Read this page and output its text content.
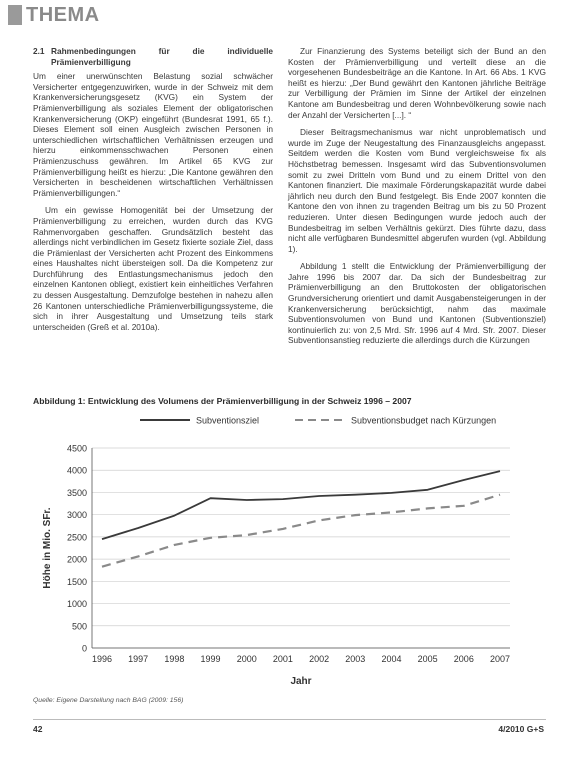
THEMA
2.1 Rahmenbedingungen für die individuelle Prämienverbilligung

Um einer unerwünschten Belastung sozial schwächer Versicherter entgegenzuwirken, wurde in der Schweiz mit dem Krankenversicherungsgesetz (KVG) ein System der Prämienverbilligung als soziales Element der obligatorischen Krankenversicherung (OKP) eingeführt (Bundesrat 1991, 65 f.). Dieses Element soll einen Ausgleich zwischen Personen in unterschiedlichen wirtschaftlichen Verhältnissen erzeugen und hierzu einkommensschwachen Personen einen Prämienzuschuss gewähren. Im Artikel 65 KVG zur Prämienverbilligung heißt es hierzu: „Die Kantone gewähren den Versicherten in bescheidenen wirtschaftlichen Verhältnissen Prämienverbilligungen.“

Um ein gewisse Homogenität bei der Umsetzung der Prämienverbilligung zu erreichen, wurden durch das KVG Rahmenvorgaben geschaffen. Grundsätzlich besteht das allerdings nicht verbindlichen im Gesetz fixierte soziale Ziel, dass die Prämienlast der Versicherten acht Prozent des Einkommens eines Haushaltes nicht übersteigen soll. Da die Kompetenz zur Durchführung des Entlastungsmechanismus jedoch den einzelnen Kantonen obliegt, existiert kein einheitliches Verfahren zu dessen Ausgestaltung. Demzufolge bestehen in nahezu allen 26 Kantonen unterschiedliche Prämienverbilligungssysteme, die sich in ihrer Ausgestaltung und Umsetzung teils stark unterscheiden (Greß et al. 2010a).

Zur Finanzierung des Systems beteiligt sich der Bund an den Kosten der Prämienverbilligung und verteilt diese an die vorgesehenen Bundesbeiträge an die Kantone. In Art. 66 Abs. 1 KVG heißt es hierzu: „Der Bund gewährt den Kantonen jährliche Beiträge zur Verbilligung der Prämien im Sinne der Artikel der einzelnen Kantone am Bundesbeitrag und deren Wohnbevölkerung sowie nach der Anzahl der Versicherten [...]. “

Dieser Beitragsmechanismus war nicht unproblematisch und wurde im Zuge der Neugestaltung des Finanzausgleichs angepasst. Seitdem werden die Kosten vom Bund vergleichsweise fix als Höchstbetrag bemessen. Insgesamt wird das Subventionsvolumen somit zu zwei Dritteln vom Bund und zu einem Drittel von den Kantonen finanziert. Die maximale Förderungskapazität wurde dabei jährlich neu durch den Bund festgelegt. Bis Ende 2007 konnten die Kantone den von ihnen zu tragenden Beitrag um bis zu 50 Prozent reduzieren. Unter diesen Bedingungen wurde jedoch auch der Bundesbeitrag im selben Verhältnis gekürzt. Dies führte dazu, dass nicht alle verfügbaren Bundesmittel abgerufen wurden (vgl. Abbildung 1).

Abbildung 1 stellt die Entwicklung der Prämienverbilligung der Jahre 1996 bis 2007 dar. Da sich der Bundesbeitrag zur Prämienverbilligung an den Bruttokosten der obligatorischen Grundversicherung orientiert und damit Ausgabensteigerungen in der Krankenversicherung berücksichtigt, nahm das maximale Subventionsvolumen von Bund und Kantonen (Subventionsziel) kontinuierlich zu: von 2,5 Mrd. Sfr. 1996 auf 4 Mrd. Sfr. 2007. Dieser Subventionsanstieg reduzierte die allerdings durch die Kürzungen

Abbildung 1: Entwicklung des Volumens der Prämienverbilligung in der Schweiz 1996 – 2007
Subventionsziel	Subventionsbudget nach Kürzungen
0
500
1000
1500
2000
2500
3000
3500
4000
4500
1996 1997 1998 1999 2000 2001 2002 2003 2004 2005 2006 2007
Jahr
Höhe in Mio. SFr.
Quelle: Eigene Darstellung nach BAG (2009: 156)
42	4/2010 G+S
